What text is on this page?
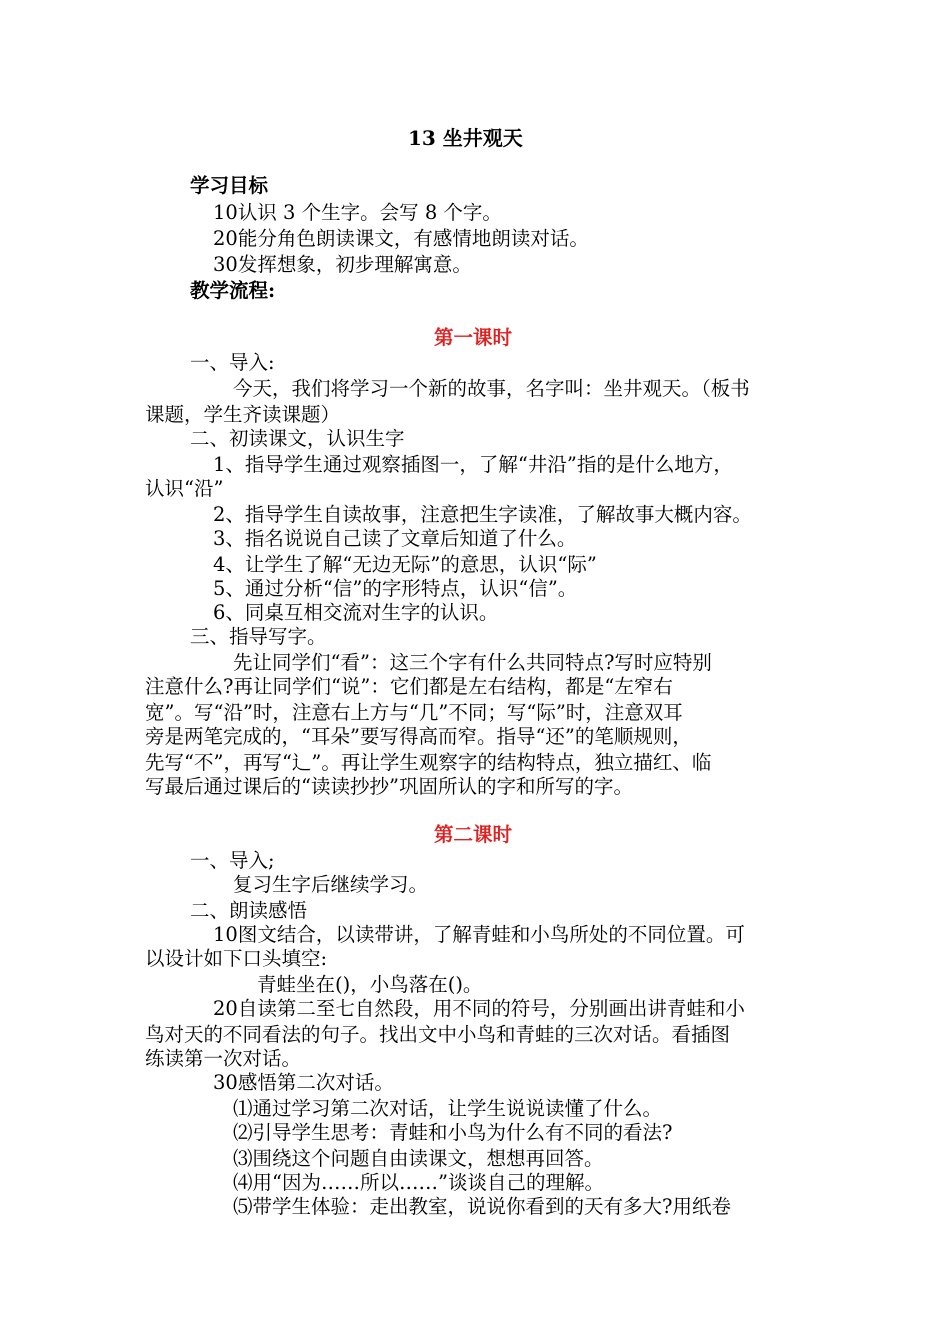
13 坐井观天
学习目标
10认识 3 个生字。会写 8 个字。
20能分角色朗读课文，有感情地朗读对话。
30发挥想象，初步理解寓意。
教学流程:
第一课时
一、导入:
今天，我们将学习一个新的故事，名字叫：坐井观天。（板书
课题，学生齐读课题）
二、初读课文，认识生字
1、指导学生通过观察插图一，了解“井沿”指的是什么地方，
认识“沿”
2、指导学生自读故事，注意把生字读准，了解故事大概内容。
3、指名说说自己读了文章后知道了什么。
4、让学生了解“无边无际”的意思，认识“际”
5、通过分析“信”的字形特点，认识“信”。
6、同桌互相交流对生字的认识。
三、指导写字。
先让同学们“看”：这三个字有什么共同特点?写时应特别
注意什么?再让同学们“说”：它们都是左右结构，都是“左窄右
宽”。写“沿”时，注意右上方与“几”不同；写“际”时，注意双耳
旁是两笔完成的，“耳朵”要写得高而窄。指导“还”的笔顺规则，
先写“不”，再写“辶”。再让学生观察字的结构特点，独立描红、临
写最后通过课后的“读读抄抄”巩固所认的字和所写的字。
第二课时
一、导入;
复习生字后继续学习。
二、朗读感悟
10图文结合，以读带讲，了解青蛙和小鸟所处的不同位置。可
以设计如下口头填空:
青蛙坐在()，小鸟落在()。
20自读第二至七自然段，用不同的符号，分别画出讲青蛙和小
鸟对天的不同看法的句子。找出文中小鸟和青蛙的三次对话。看插图
练读第一次对话。
30感悟第二次对话。
⑴通过学习第二次对话，让学生说说读懂了什么。
⑵引导学生思考：青蛙和小鸟为什么有不同的看法?
⑶围绕这个问题自由读课文，想想再回答。
⑷用“因为……所以……”谈谈自己的理解。
⑸带学生体验：走出教室，说说你看到的天有多大?用纸卷
